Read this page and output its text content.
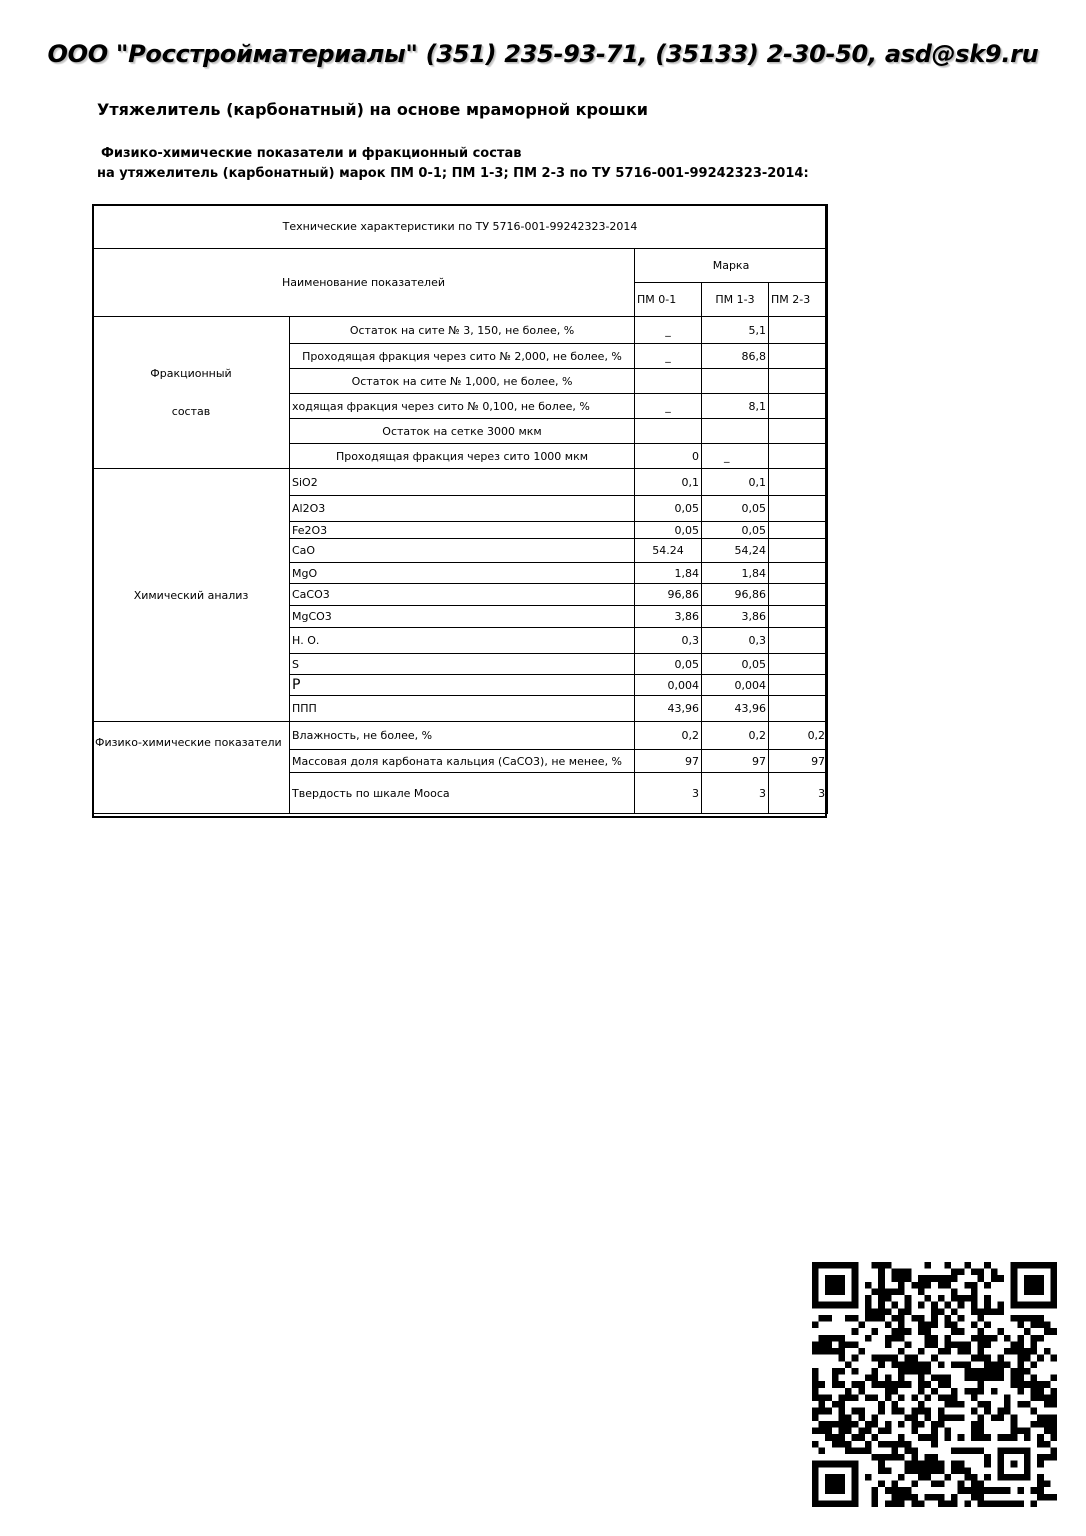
ООО "Росстройматериалы" (351) 235-93-71, (35133) 2-30-50, asd@sk9.ru
Утяжелитель (карбонатный) на основе мраморной крошки
Физико-химические показатели и фракционный состав
на утяжелитель (карбонатный) марок ПМ 0-1; ПМ 1-3; ПМ 2-3 по ТУ 5716-001-99242323-2014:
Технические характеристики по ТУ 5716-001-99242323-2014				
Наименование показателей		Марка		
		ПМ 0-1	ПМ 1-3	ПМ 2-3
Фракционный
состав	Остаток на сите № 3, 150, не более, %	_	5,1	
	Проходящая фракция через сито № 2,000, не более, %	_	86,8	
	Остаток на сите № 1,000, не более, %			
	ходящая фракция через сито № 0,100, не более, %	_	8,1	
	Остаток на сетке 3000 мкм			
	Проходящая фракция через сито 1000 мкм	0	_	
Химический анализ	SiO2	0,1	0,1	
	Al2O3	0,05	0,05	
	Fe2O3	0,05	0,05	
	CaO	54.24	54,24	
	MgO	1,84	1,84	
	CaCO3	96,86	96,86	
	MgCO3	3,86	3,86	
	Н. О.	0,3	0,3	
	S	0,05	0,05	
	P	0,004	0,004	
	ППП	43,96	43,96	
Физико-химические показатели	Влажность, не более, %	0,2	0,2	0,2
	Массовая доля карбоната кальция (CaCO3), не менее, %	97	97	97
	Твердость по шкале Мооса	3	3	3
